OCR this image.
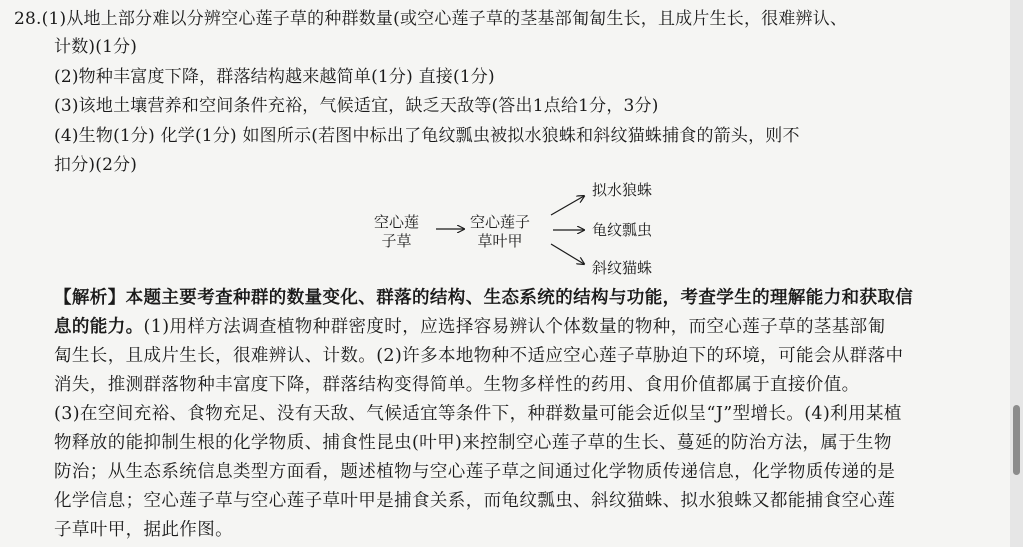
28.(1)从地上部分难以分辨空心莲子草的种群数量(或空心莲子草的茎基部匍匐生长，且成片生长，很难辨认、
计数)(1分)
(2)物种丰富度下降，群落结构越来越简单(1分) 直接(1分)
(3)该地土壤营养和空间条件充裕，气候适宜，缺乏天敌等(答出1点给1分，3分)
(4)生物(1分) 化学(1分) 如图所示(若图中标出了龟纹瓢虫被拟水狼蛛和斜纹猫蛛捕食的箭头，则不
扣分)(2分)
空心莲
子草
空心莲子
草叶甲
拟水狼蛛
龟纹瓢虫
斜纹猫蛛
【解析】本题主要考查种群的数量变化、群落的结构、生态系统的结构与功能，考查学生的理解能力和获取信
息的能力。(1)用样方法调查植物种群密度时，应选择容易辨认个体数量的物种，而空心莲子草的茎基部匍
匐生长，且成片生长，很难辨认、计数。(2)许多本地物种不适应空心莲子草胁迫下的环境，可能会从群落中
消失，推测群落物种丰富度下降，群落结构变得简单。生物多样性的药用、食用价值都属于直接价值。
(3)在空间充裕、食物充足、没有天敌、气候适宜等条件下，种群数量可能会近似呈“J”型增长。(4)利用某植
物释放的能抑制生根的化学物质、捕食性昆虫(叶甲)来控制空心莲子草的生长、蔓延的防治方法，属于生物
防治；从生态系统信息类型方面看，题述植物与空心莲子草之间通过化学物质传递信息，化学物质传递的是
化学信息；空心莲子草与空心莲子草叶甲是捕食关系，而龟纹瓢虫、斜纹猫蛛、拟水狼蛛又都能捕食空心莲
子草叶甲，据此作图。
